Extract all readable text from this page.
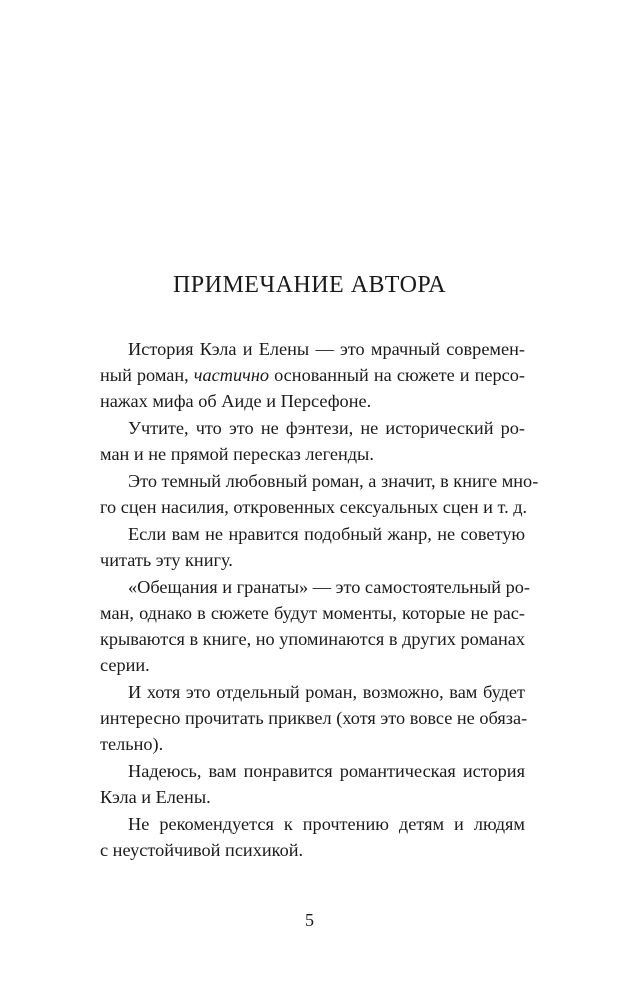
ПРИМЕЧАНИЕ АВТОРА
История Кэла и Елены — это мрачный современ-
ный роман, частично основанный на сюжете и персо-
нажах мифа об Аиде и Персефоне.
Учтите, что это не фэнтези, не исторический ро-
ман и не прямой пересказ легенды.
Это темный любовный роман, а значит, в книге мно-
го сцен насилия, откровенных сексуальных сцен и т. д.
Если вам не нравится подобный жанр, не советую
читать эту книгу.
«Обещания и гранаты» — это самостоятельный ро-
ман, однако в сюжете будут моменты, которые не рас-
крываются в книге, но упоминаются в других романах
серии.
И хотя это отдельный роман, возможно, вам будет
интересно прочитать приквел (хотя это вовсе не обяза-
тельно).
Надеюсь, вам понравится романтическая история
Кэла и Елены.
Не рекомендуется к прочтению детям и людям
с неустойчивой психикой.
5
